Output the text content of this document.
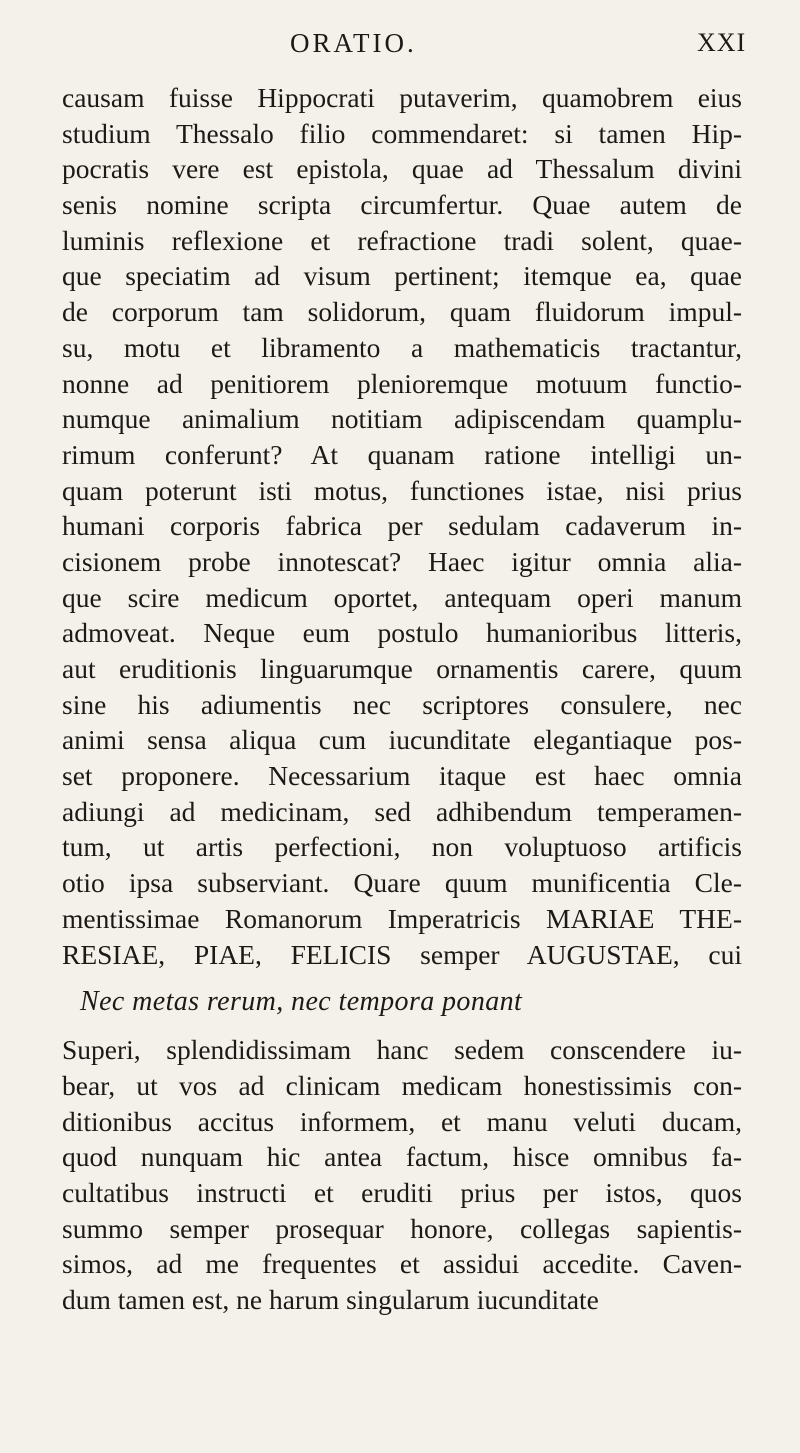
ORATIO.	XXI
causam fuisse Hippocrati putaverim, quamobrem eius
studium Thessalo filio commendaret: si tamen Hip-
pocratis vere est epistola, quae ad Thessalum divini
senis nomine scripta circumfertur. Quae autem de
luminis reflexione et refractione tradi solent, quae-
que speciatim ad visum pertinent; itemque ea, quae
de corporum tam solidorum, quam fluidorum impul-
su, motu et libramento a mathematicis tractantur,
nonne ad penitiorem plenioremque motuum functio-
numque animalium notitiam adipiscendam quamplu-
rimum conferunt? At quanam ratione intelligi un-
quam poterunt isti motus, functiones istae, nisi prius
humani corporis fabrica per sedulam cadaverum in-
cisionem probe innotescat? Haec igitur omnia alia-
que scire medicum oportet, antequam operi manum
admoveat. Neque eum postulo humanioribus litteris,
aut eruditionis linguarumque ornamentis carere, quum
sine his adiumentis nec scriptores consulere, nec
animi sensa aliqua cum iucunditate elegantiaque pos-
set proponere. Necessarium itaque est haec omnia
adiungi ad medicinam, sed adhibendum temperamen-
tum, ut artis perfectioni, non voluptuoso artificis
otio ipsa subserviant. Quare quum munificentia Cle-
mentissimae Romanorum Imperatricis MARIAE THE-
RESIAE, PIAE, FELICIS semper AUGUSTAE, cui
Nec metas rerum, nec tempora ponant
Superi, splendidissimam hanc sedem conscendere iu-
bear, ut vos ad clinicam medicam honestissimis con-
ditionibus accitus informem, et manu veluti ducam,
quod nunquam hic antea factum, hisce omnibus fa-
cultatibus instructi et eruditi prius per istos, quos
summo semper prosequar honore, collegas sapientis-
simos, ad me frequentes et assidui accedite. Caven-
dum tamen est, ne harum singularum iucunditate
